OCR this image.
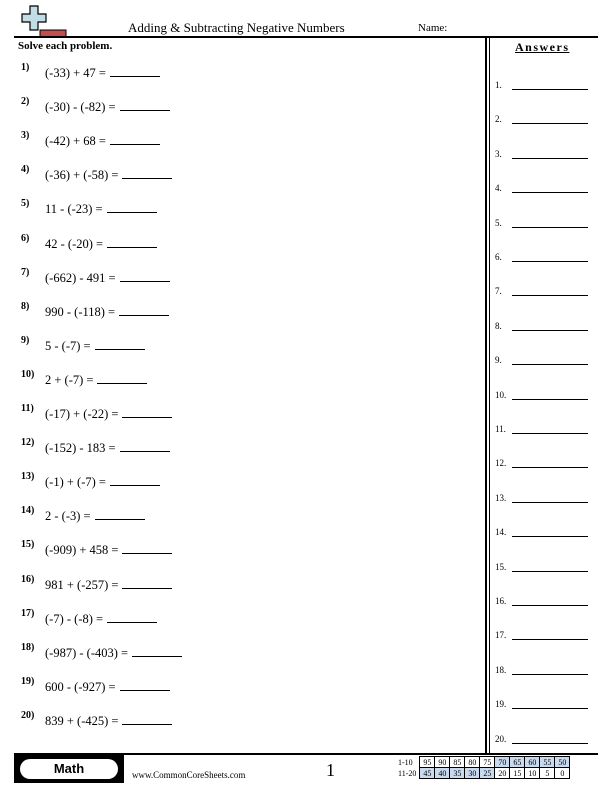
Adding & Subtracting Negative Numbers	Name:
Solve each problem.
1) (-33) + 47 =
2) (-30) - (-82) =
3) (-42) + 68 =
4) (-36) + (-58) =
5) 11 - (-23) =
6) 42 - (-20) =
7) (-662) - 491 =
8) 990 - (-118) =
9) 5 - (-7) =
10) 2 + (-7) =
11) (-17) + (-22) =
12) (-152) - 183 =
13) (-1) + (-7) =
14) 2 - (-3) =
15) (-909) + 458 =
16) 981 + (-257) =
17) (-7) - (-8) =
18) (-987) - (-403) =
19) 600 - (-927) =
20) 839 + (-425) =
Answers
1.
2.
3.
4.
5.
6.
7.
8.
9.
10.
11.
12.
13.
14.
15.
16.
17.
18.
19.
20.
Math	www.CommonCoreSheets.com	1	1-10	95	90	85	80	75	70	65	60	55	50
11-20	45	40	35	30	25	20	15	10	5	0
